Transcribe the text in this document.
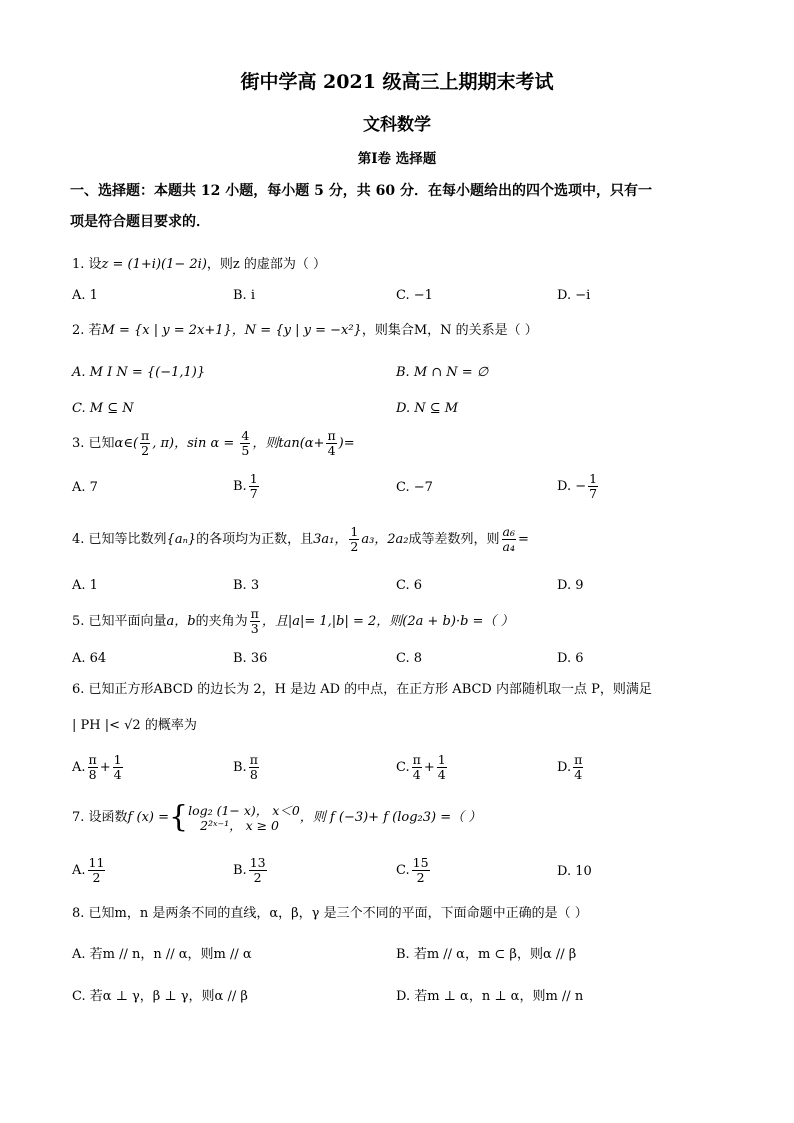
街中学高 2021 级高三上期期末考试
文科数学
第Ⅰ卷 选择题
一、选择题：本题共 12 小题，每小题 5 分，共 60 分．在每小题给出的四个选项中，只有一
项是符合题目要求的．
1. 设z = (1+i)(1− 2i)，则z 的虚部为（ ）
A. 1	B. i	C. −1	D. −i
2. 若M = {x | y = 2x+1}，N = {y | y = −x²}，则集合M，N 的关系是（ ）
A. M I N = {(−1,1)}	B. M ∩ N = ∅
C. M ⊆ N	D. N ⊆ M
3. 已知α∈( $\frac{\pi}{2}$ , π)，$\sin \alpha = \frac{4}{5}$ ，则$\tan(\alpha+ \frac{\pi}{4}$ )=
A. 7	B. $\frac{1}{7}$	C. −7	D. − $\frac{1}{7}$
4. 已知等比数列{aₙ}的各项均为正数，且3a₁， $\frac{1}{2} a_3$，2a₂成等差数列，则 $\frac{\text{a₆}}{\text{a₄}}$ =
A. 1	B. 3	C. 6	D. 9
5. 已知平面向量a，b的夹角为 $\frac{\pi}{3}$ ，且|a|= 1,|b| = 2，则(2a + b)·b =（ ）
A. 64	B. 36	C. 8	D. 6
6. 已知正方形ABCD 的边长为 2，H 是边 AD 的中点，在正方形 ABCD 内部随机取一点 P，则满足
| PH |< √2 的概率为
A. $\frac{\pi}{8} + \frac{1}{4}$	B. $\frac{\pi}{8}$	C. $\frac{\pi}{4} + \frac{1}{4}$	D. $\frac{\pi}{4}$
7. 设函数f (x) ={ log₂ (1− x)， x＜0
2²ˣ⁻¹， x ≥ 0	，则 f (−3)+ f (log₂3) =（ ）
A. $\frac{11}{2}$	B. $\frac{13}{2}$	C. $\frac{15}{2}$	D. 10
8. 已知m，n 是两条不同的直线，α，β，γ 是三个不同的平面，下面命题中正确的是（ ）
A. 若m // n，n // α，则m // α	B. 若m // α，m ⊂ β，则α // β
C. 若α ⊥ γ，β ⊥ γ，则α // β	D. 若m ⊥ α，n ⊥ α，则m // n
